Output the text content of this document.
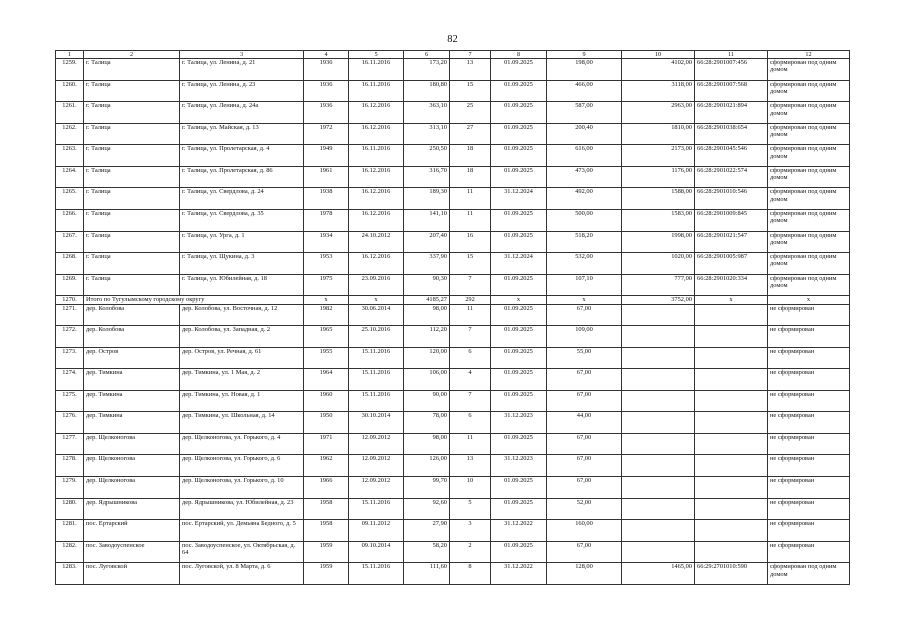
82
1	2	3	4	5	6	7	8	9	10	11	12
1259.	г. Талица	г. Талица, ул. Ленина, д. 21	1936	16.11.2016	173,20	13	01.09.2025	198,00	4102,00	66:28:2901007:456	сформирован под одним домом
1260.	г. Талица	г. Талица, ул. Ленина, д. 23	1936	16.11.2016	180,80	15	01.09.2025	466,00	3118,00	66:28:2901007:568	сформирован под одним домом
1261.	г. Талица	г. Талица, ул. Ленина, д. 24а	1936	16.12.2016	363,10	25	01.09.2025	587,00	2963,00	66:28:2901021:894	сформирован под одним домом
1262.	г. Талица	г. Талица, ул. Майская, д. 13	1972	16.12.2016	313,10	27	01.09.2025	200,40	1810,00	66:28:2901038:654	сформирован под одним домом
1263.	г. Талица	г. Талица, ул. Пролетарская, д. 4	1949	16.11.2016	250,50	18	01.09.2025	616,00	2173,00	66:28:2901045:546	сформирован под одним домом
1264.	г. Талица	г. Талица, ул. Пролетарская, д. 86	1961	16.12.2016	316,70	18	01.09.2025	473,00	1176,00	66:28:2901022:574	сформирован под одним домом
1265.	г. Талица	г. Талица, ул. Свердлова, д. 24	1938	16.12.2016	189,30	11	31.12.2024	492,00	1588,00	66:28:2901010:546	сформирован под одним домом
1266.	г. Талица	г. Талица, ул. Свердлова, д. 35	1978	16.12.2016	141,10	11	01.09.2025	500,00	1583,00	66:28:2901009:845	сформирован под одним домом
1267.	г. Талица	г. Талица, ул. Урга, д. 1	1934	24.10.2012	207,40	16	01.09.2025	518,20	1998,00	66:28:2901021:547	сформирован под одним домом
1268.	г. Талица	г. Талица, ул. Щукина, д. 3	1953	16.12.2016	337,90	15	31.12.2024	532,00	1020,00	66:28:2901005:987	сформирован под одним домом
1269.	г. Талица	г. Талица, ул. Юбилейная, д. 18	1975	23.09.2016	90,30	7	01.09.2025	107,10	777,00	66:28:2901020:334	сформирован под одним домом
1270.	Итого по Тугулымскому городскому округу		x	x	4185,27	292	x	x	3752,00	x	x
1271.	дер. Колобова	дер. Колобова, ул. Восточная, д. 12	1982	30.06.2014	98,00	11	01.09.2025	67,00			не сформирован
1272.	дер. Колобова	дер. Колобова, ул. Западная, д. 2	1965	25.10.2016	112,20	7	01.09.2025	109,00			не сформирован
1273.	дер. Остров	дер. Остров, ул. Речная, д. 61	1955	15.11.2016	120,00	6	01.09.2025	55,00			не сформирован
1274.	дер. Тимкина	дер. Тимкина, ул. 1 Мая, д. 2	1964	15.11.2016	106,00	4	01.09.2025	67,00			не сформирован
1275.	дер. Тимкина	дер. Тимкина, ул. Новая, д. 1	1960	15.11.2016	90,00	7	01.09.2025	67,00			не сформирован
1276.	дер. Тимкина	дер. Тимкина, ул. Школьная, д. 14	1950	30.10.2014	78,00	6	31.12.2023	44,00			не сформирован
1277.	дер. Щелконогова	дер. Щелконогова, ул. Горького, д. 4	1971	12.09.2012	98,00	11	01.09.2025	67,00			не сформирован
1278.	дер. Щелконогова	дер. Щелконогова, ул. Горького, д. 6	1962	12.09.2012	126,00	13	31.12.2023	67,00			не сформирован
1279.	дер. Щелконогова	дер. Щелконогова, ул. Горького, д. 10	1966	12.09.2012	99,70	10	01.09.2025	67,00			не сформирован
1280.	дер. Ядрышникова	дер. Ядрышникова, ул. Юбилейная, д. 23	1958	15.11.2016	92,60	5	01.09.2025	52,00			не сформирован
1281.	пос. Ертарский	пос. Ертарский, ул. Демьяна Бедного, д. 5	1958	09.11.2012	27,90	3	31.12.2022	160,00			не сформирован
1282.	пос. Заводоуспенское	пос. Заводоуспенское, ул. Октябрьская, д. 64	1959	09.10.2014	58,20	2	01.09.2025	67,00			не сформирован
1283.	пос. Луговской	пос. Луговской, ул. 8 Марта, д. 6	1959	15.11.2016	111,60	8	31.12.2022	128,00	1465,00	66:29:2701010:590	сформирован под одним домом
